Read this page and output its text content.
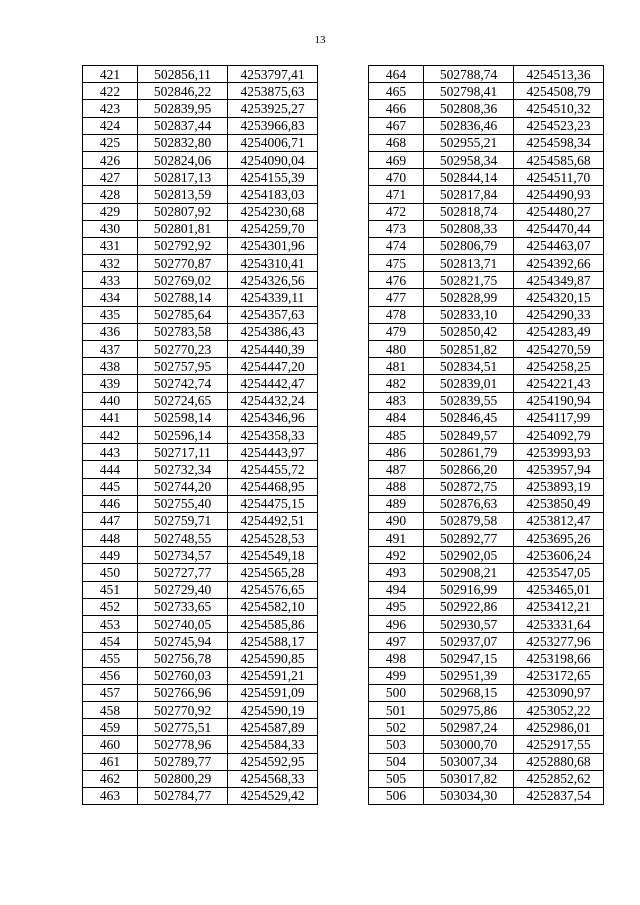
13
421	502856,11	4253797,41
422	502846,22	4253875,63
423	502839,95	4253925,27
424	502837,44	4253966,83
425	502832,80	4254006,71
426	502824,06	4254090,04
427	502817,13	4254155,39
428	502813,59	4254183,03
429	502807,92	4254230,68
430	502801,81	4254259,70
431	502792,92	4254301,96
432	502770,87	4254310,41
433	502769,02	4254326,56
434	502788,14	4254339,11
435	502785,64	4254357,63
436	502783,58	4254386,43
437	502770,23	4254440,39
438	502757,95	4254447,20
439	502742,74	4254442,47
440	502724,65	4254432,24
441	502598,14	4254346,96
442	502596,14	4254358,33
443	502717,11	4254443,97
444	502732,34	4254455,72
445	502744,20	4254468,95
446	502755,40	4254475,15
447	502759,71	4254492,51
448	502748,55	4254528,53
449	502734,57	4254549,18
450	502727,77	4254565,28
451	502729,40	4254576,65
452	502733,65	4254582,10
453	502740,05	4254585,86
454	502745,94	4254588,17
455	502756,78	4254590,85
456	502760,03	4254591,21
457	502766,96	4254591,09
458	502770,92	4254590,19
459	502775,51	4254587,89
460	502778,96	4254584,33
461	502789,77	4254592,95
462	502800,29	4254568,33
463	502784,77	4254529,42
464	502788,74	4254513,36
465	502798,41	4254508,79
466	502808,36	4254510,32
467	502836,46	4254523,23
468	502955,21	4254598,34
469	502958,34	4254585,68
470	502844,14	4254511,70
471	502817,84	4254490,93
472	502818,74	4254480,27
473	502808,33	4254470,44
474	502806,79	4254463,07
475	502813,71	4254392,66
476	502821,75	4254349,87
477	502828,99	4254320,15
478	502833,10	4254290,33
479	502850,42	4254283,49
480	502851,82	4254270,59
481	502834,51	4254258,25
482	502839,01	4254221,43
483	502839,55	4254190,94
484	502846,45	4254117,99
485	502849,57	4254092,79
486	502861,79	4253993,93
487	502866,20	4253957,94
488	502872,75	4253893,19
489	502876,63	4253850,49
490	502879,58	4253812,47
491	502892,77	4253695,26
492	502902,05	4253606,24
493	502908,21	4253547,05
494	502916,99	4253465,01
495	502922,86	4253412,21
496	502930,57	4253331,64
497	502937,07	4253277,96
498	502947,15	4253198,66
499	502951,39	4253172,65
500	502968,15	4253090,97
501	502975,86	4253052,22
502	502987,24	4252986,01
503	503000,70	4252917,55
504	503007,34	4252880,68
505	503017,82	4252852,62
506	503034,30	4252837,54
